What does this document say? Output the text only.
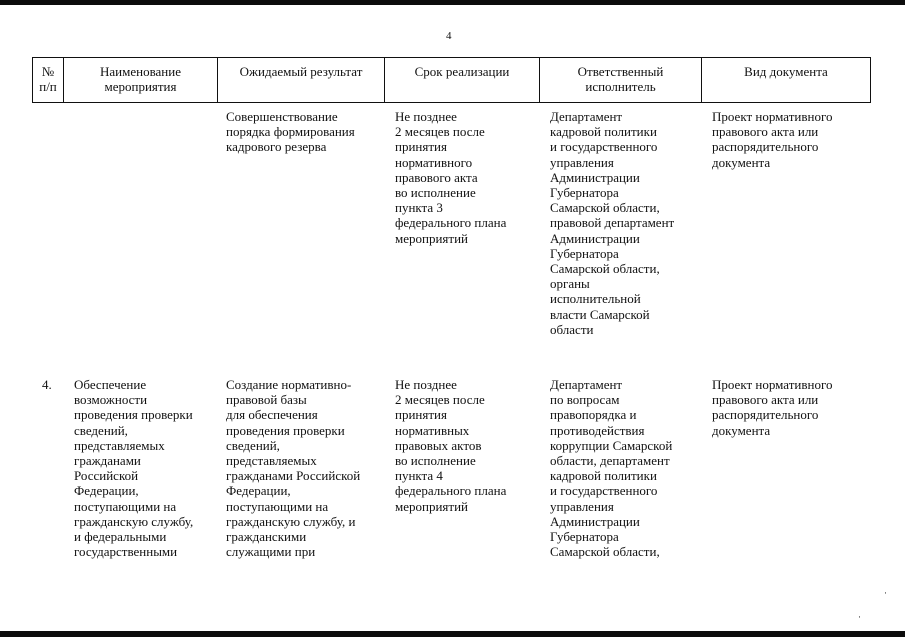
4
№
п/п
Наименование
мероприятия
Ожидаемый результат	Срок реализации	Ответственный
исполнитель
Вид документа
Совершенствование
порядка формирования
кадрового резерва
Не позднее
2 месяцев после
принятия
нормативного
правового акта
во исполнение
пункта 3
федерального плана
мероприятий
Департамент
кадровой политики
и государственного
управления
Администрации
Губернатора
Самарской области,
правовой департамент
Администрации
Губернатора
Самарской области,
органы
исполнительной
власти Самарской
области
Проект нормативного
правового акта или
распорядительного
документа
4. Обеспечение
возможности
проведения проверки
сведений,
представляемых
гражданами
Российской
Федерации,
поступающими на
гражданскую службу,
и федеральными
государственными
Создание нормативно-
правовой базы
для обеспечения
проведения проверки
сведений,
представляемых
гражданами Российской
Федерации,
поступающими на
гражданскую службу, и
гражданскими
служащими при
Не позднее
2 месяцев после
принятия
нормативных
правовых актов
во исполнение
пункта 4
федерального плана
мероприятий
Департамент
по вопросам
правопорядка и
противодействия
коррупции Самарской
области, департамент
кадровой политики
и государственного
управления
Администрации
Губернатора
Самарской области,
Проект нормативного
правового акта или
распорядительного
документа
·
·
